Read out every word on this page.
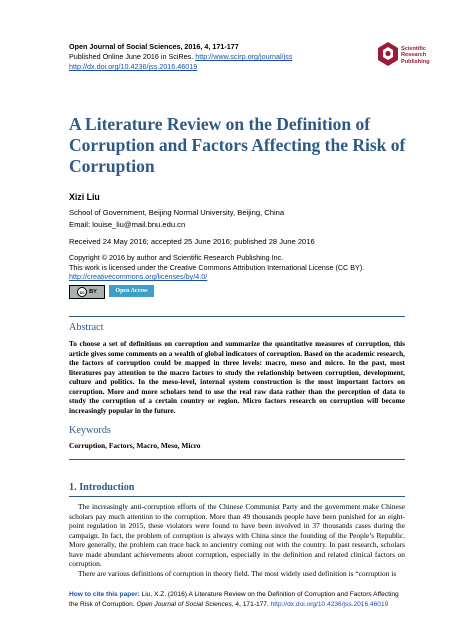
Open Journal of Social Sciences, 2016, 4, 171-177
Published Online June 2016 in SciRes. http://www.scirp.org/journal/jss
http://dx.doi.org/10.4236/jss.2016.46019
Scientific
Research
Publishing
A Literature Review on the Definition of Corruption and Factors Affecting the Risk of Corruption
Xizi Liu
School of Government, Beijing Normal University, Beijing, China
Email: louise_liu@mail.bnu.edu.cn
Received 24 May 2016; accepted 25 June 2016; published 28 June 2016
Copyright © 2016 by author and Scientific Research Publishing Inc.
This work is licensed under the Creative Commons Attribution International License (CC BY).
http://creativecommons.org/licenses/by/4.0/
cc BY	Open Access
Abstract
To choose a set of definitions on corruption and summarize the quantitative measures of corruption, this article gives some comments on a wealth of global indicators of corruption. Based on the academic research, the factors of corruption could be mapped in three levels: macro, meso and micro. In the past, most literatures pay attention to the macro factors to study the relationship between corruption, development, culture and politics. In the meso-level, internal system construction is the most important factors on corruption. More and more scholars tend to use the real raw data rather than the perception of data to study the corruption of a certain country or region. Micro factors research on corruption will become increasingly popular in the future.
Keywords
Corruption, Factors, Macro, Meso, Micro
1. Introduction

The increasingly anti-corruption efforts of the Chinese Communist Party and the government make Chinese scholars pay much attention to the corruption. More than 49 thousands people have been punished for an eight-point regulation in 2015, these violators were found to have been involved in 37 thousands cases during the campaign. In fact, the problem of corruption is always with China since the founding of the People’s Republic. More generally, the problem can trace back to ancientry coming out with the country. In past research, scholars have made abundant achievements about corruption, especially in the definition and related clinical factors on corruption.

There are various definitions of corruption in theory field. The most widely used definition is “corruption is

How to cite this paper: Liu, X.Z. (2016) A Literature Review on the Definition of Corruption and Factors Affecting the Risk of Corruption. Open Journal of Social Sciences, 4, 171-177. http://dx.doi.org/10.4236/jss.2016.46019
